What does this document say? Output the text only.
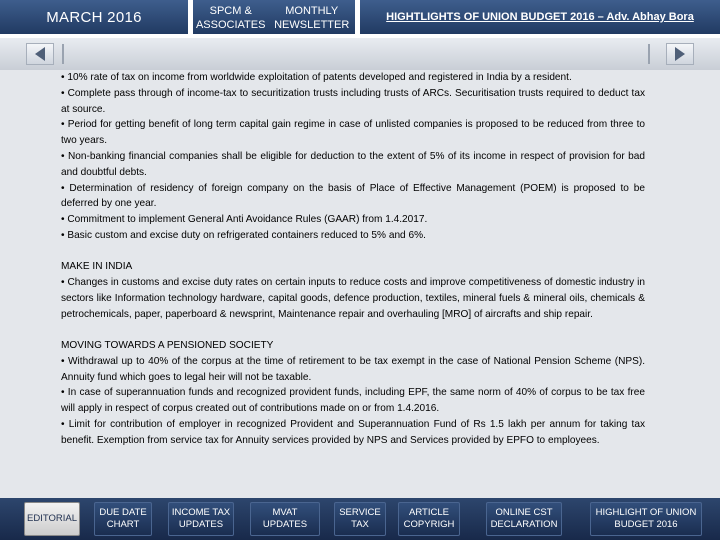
MARCH 2016	SPCM & ASSOCIATES
MONTHLY NEWSLETTER
HIGHTLIGHTS OF UNION BUDGET 2016 – Adv. Abhay Bora

• 10% rate of tax on income from worldwide exploitation of patents developed and registered in India by a resident.

• Complete pass through of income-tax to securitization trusts including trusts of ARCs. Securitisation trusts required to deduct tax at source.

• Period for getting benefit of long term capital gain regime in case of unlisted companies is proposed to be reduced from three to two years.

• Non-banking financial companies shall be eligible for deduction to the extent of 5% of its income in respect of provision for bad and doubtful debts.

• Determination of residency of foreign company on the basis of Place of Effective Management (POEM) is proposed to be deferred by one year.

• Commitment to implement General Anti Avoidance Rules (GAAR) from 1.4.2017.

• Basic custom and excise duty on refrigerated containers reduced to 5% and 6%.

MAKE IN INDIA

• Changes in customs and excise duty rates on certain inputs to reduce costs and improve competitiveness of domestic industry in sectors like Information technology hardware, capital goods, defence production, textiles, mineral fuels & mineral oils, chemicals & petrochemicals, paper, paperboard & newsprint, Maintenance repair and overhauling [MRO] of aircrafts and ship repair.

MOVING TOWARDS A PENSIONED SOCIETY

• Withdrawal up to 40% of the corpus at the time of retirement to be tax exempt in the case of National Pension Scheme (NPS). Annuity fund which goes to legal heir will not be taxable.

• In case of superannuation funds and recognized provident funds, including EPF, the same norm of 40% of corpus to be tax free will apply in respect of corpus created out of contributions made on or from 1.4.2016.

• Limit for contribution of employer in recognized Provident and Superannuation Fund of Rs 1.5 lakh per annum for taking tax benefit. Exemption from service tax for Annuity services provided by NPS and Services provided by EPFO to employees.

EDITORIAL
DUE DATE
CHART
INCOME TAX
UPDATES
MVAT
UPDATES
SERVICE
TAX
ARTICLE
COPYRIGH
ONLINE CST
DECLARATION
HIGHLIGHT OF UNION
BUDGET 2016
